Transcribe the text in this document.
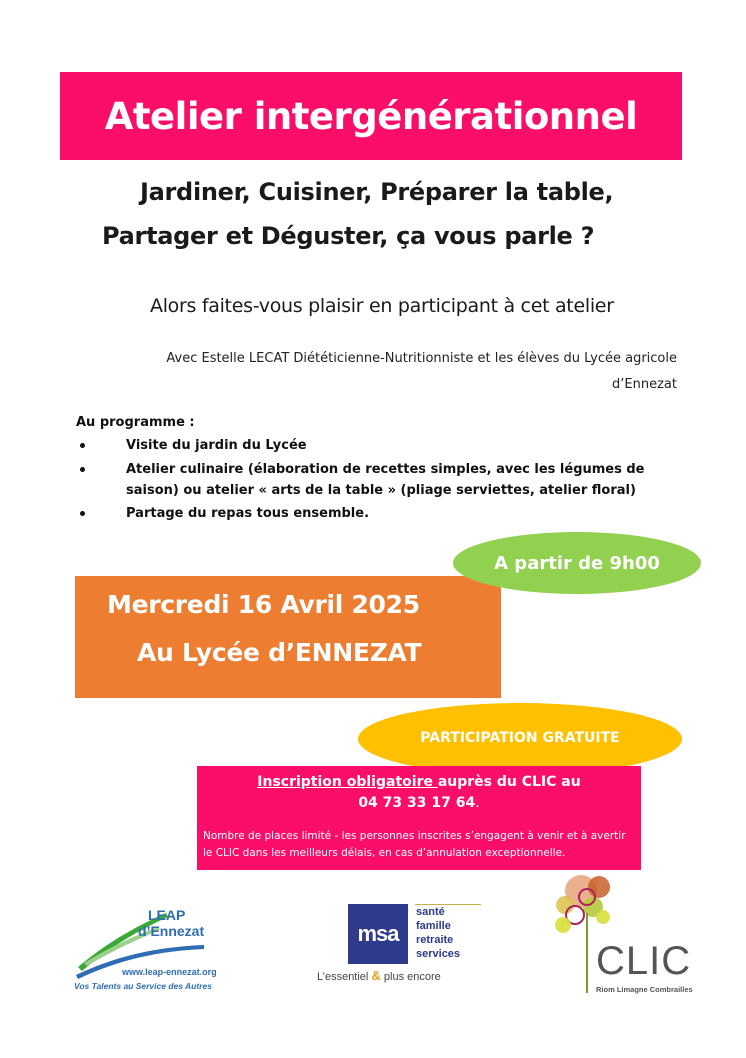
Atelier intergénérationnel
Jardiner, Cuisiner, Préparer la table,
Partager et Déguster, ça vous parle ?
Alors faites-vous plaisir en participant à cet atelier
Avec Estelle LECAT Diététicienne-Nutritionniste et les élèves du Lycée agricole
d’Ennezat
Au programme :
Visite du jardin du Lycée
Atelier culinaire (élaboration de recettes simples, avec les légumes de
saison) ou atelier « arts de la table » (pliage serviettes, atelier floral)
Partage du repas tous ensemble.
Mercredi 16 Avril 2025
Au Lycée d’ENNEZAT
A partir de 9h00
PARTICIPATION GRATUITE
Inscription obligatoire auprès du CLIC au
04 73 33 17 64.
Nombre de places limité - les personnes inscrites s’engagent à venir et à avertir le CLIC dans les meilleurs délais, en cas d’annulation exceptionnelle.
LEAP
d’Ennezat
www.leap-ennezat.org
Vos Talents au Service des Autres
msa
santé
famille
retraite
services
L’essentiel & plus encore	CLIC
Riom Limagne Combrailles
